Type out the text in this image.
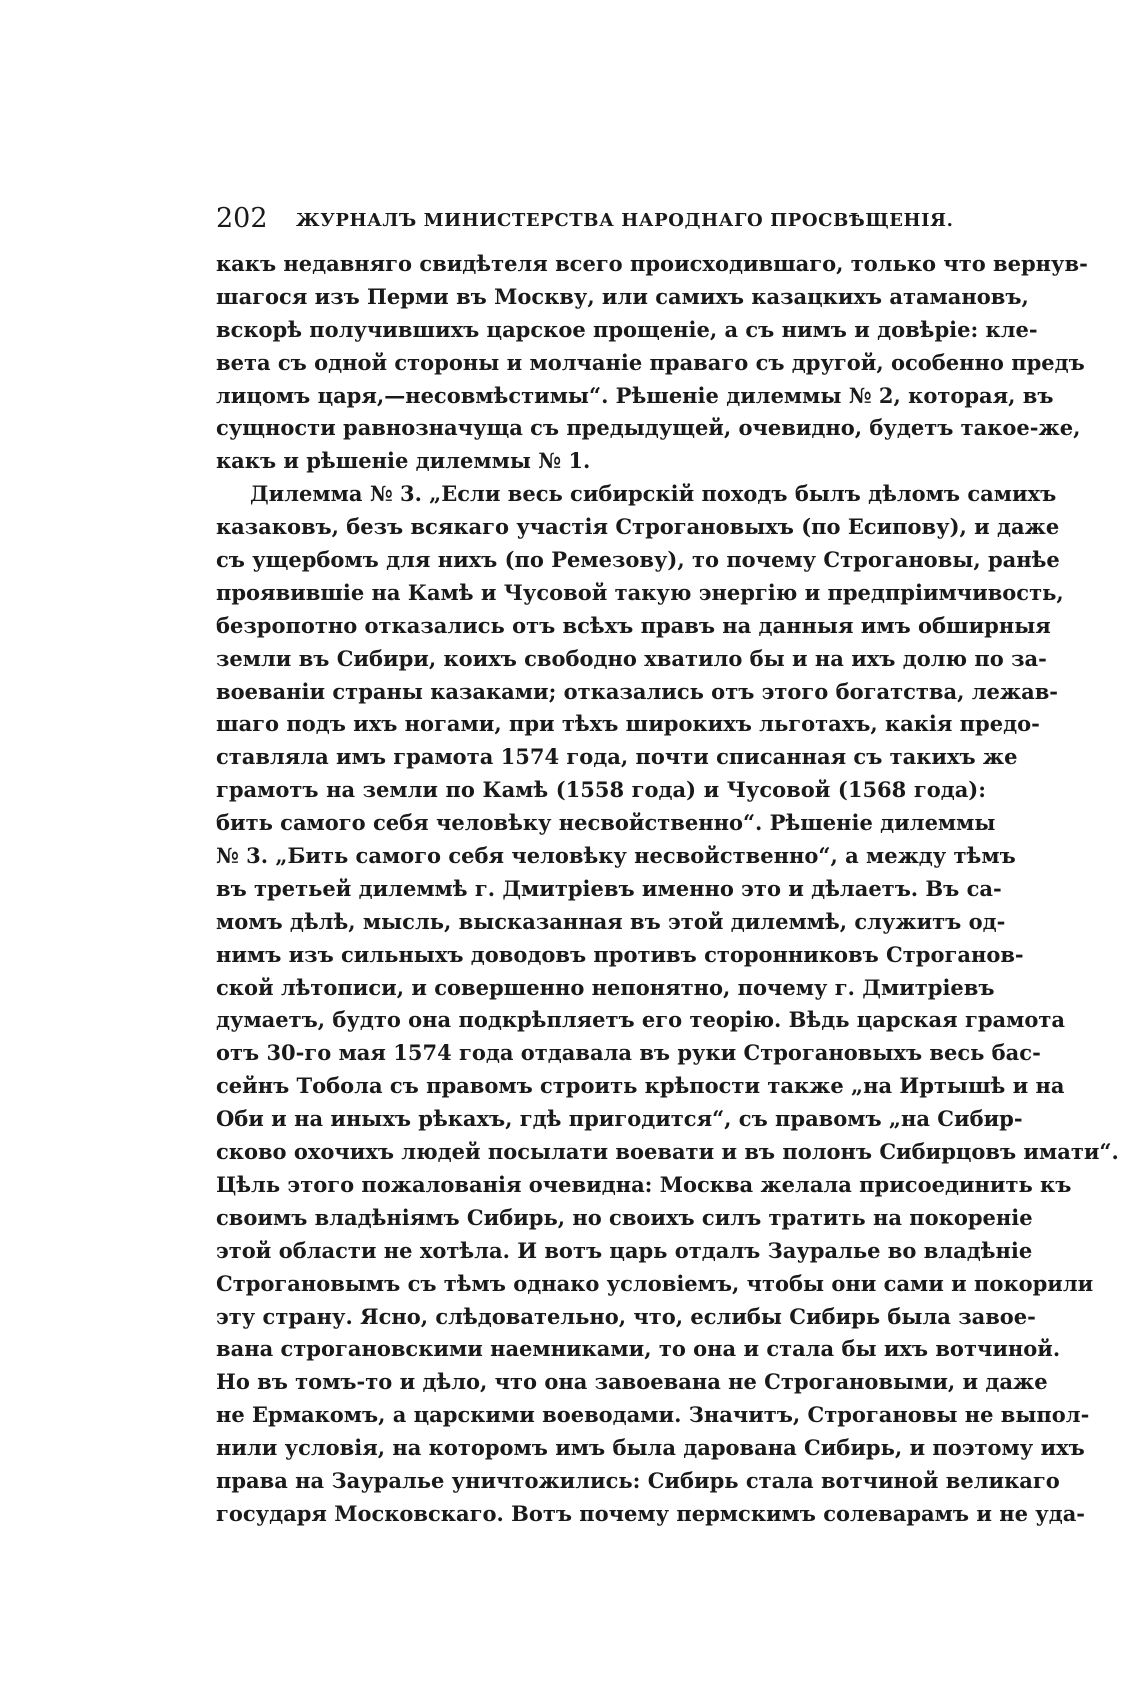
202 ЖУРНАЛЪ МИНИСТЕРСТВА НАРОДНАГО ПРОСВѢЩЕНІЯ.
какъ недавняго свидѣтеля всего происходившаго, только что вернув-
шагося изъ Перми въ Москву, или самихъ казацкихъ атамановъ,
вскорѣ получившихъ царское прощеніе, а съ нимъ и довѣріе: кле-
вета съ одной стороны и молчаніе праваго съ другой, особенно предъ
лицомъ царя,—несовмѣстимы“. Рѣшеніе дилеммы № 2, которая, въ
сущности равнозначуща съ предыдущей, очевидно, будетъ такое-же,
какъ и рѣшеніе дилеммы № 1.
Дилемма № 3. „Если весь сибирскій походъ былъ дѣломъ самихъ
казаковъ, безъ всякаго участія Строгановыхъ (по Есипову), и даже
съ ущербомъ для нихъ (по Ремезову), то почему Строгановы, ранѣе
проявившіе на Камѣ и Чусовой такую энергію и предпріимчивость,
безропотно отказались отъ всѣхъ правъ на данныя имъ обширныя
земли въ Сибири, коихъ свободно хватило бы и на ихъ долю по за-
воеваніи страны казаками; отказались отъ этого богатства, лежав-
шаго подъ ихъ ногами, при тѣхъ широкихъ льготахъ, какія предо-
ставляла имъ грамота 1574 года, почти списанная съ такихъ же
грамотъ на земли по Камѣ (1558 года) и Чусовой (1568 года):
бить самого себя человѣку несвойственно“. Рѣшеніе дилеммы
№ 3. „Бить самого себя человѣку несвойственно“, а между тѣмъ
въ третьей дилеммѣ г. Дмитріевъ именно это и дѣлаетъ. Въ са-
момъ дѣлѣ, мысль, высказанная въ этой дилеммѣ, служитъ од-
нимъ изъ сильныхъ доводовъ противъ сторонниковъ Строганов-
ской лѣтописи, и совершенно непонятно, почему г. Дмитріевъ
думаетъ, будто она подкрѣпляетъ его теорію. Вѣдь царская грамота
отъ 30-го мая 1574 года отдавала въ руки Строгановыхъ весь бас-
сейнъ Тобола съ правомъ строить крѣпости также „на Иртышѣ и на
Оби и на иныхъ рѣкахъ, гдѣ пригодится“, съ правомъ „на Сибир-
сково охочихъ людей посылати воевати и въ полонъ Сибирцовъ имати“.
Цѣль этого пожалованія очевидна: Москва желала присоединить къ
своимъ владѣніямъ Сибирь, но своихъ силъ тратить на покореніе
этой области не хотѣла. И вотъ царь отдалъ Зауралье во владѣніе
Строгановымъ съ тѣмъ однако условіемъ, чтобы они сами и покорили
эту страну. Ясно, слѣдовательно, что, еслибы Сибирь была завое-
вана строгановскими наемниками, то она и стала бы ихъ вотчиной.
Но въ томъ-то и дѣло, что она завоевана не Строгановыми, и даже
не Ермакомъ, а царскими воеводами. Значитъ, Строгановы не выпол-
нили условія, на которомъ имъ была дарована Сибирь, и поэтому ихъ
права на Зауралье уничтожились: Сибирь стала вотчиной великаго
государя Московскаго. Вотъ почему пермскимъ солеварамъ и не уда-
